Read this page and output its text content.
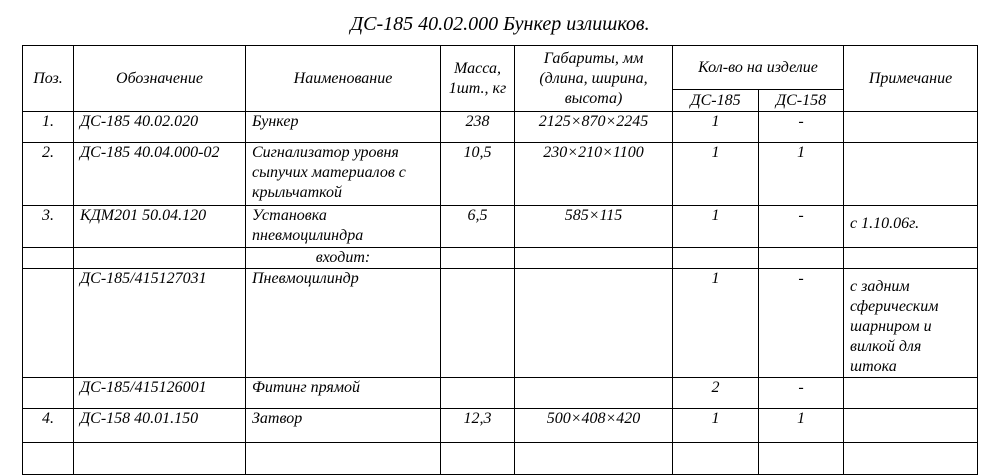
ДС-185 40.02.000 Бункер излишков.
Поз.	Обозначение	Наименование	Масса, 1шт., кг	Габариты, мм (длина, ширина, высота)	Кол-во на изделие		Примечание
					ДС-185	ДС-158	
1.	ДС-185 40.02.020	Бункер	238	2125×870×2245	1	-	
2.	ДС-185 40.04.000-02	Сигнализатор уровня сыпучих материалов с крыльчаткой	10,5	230×210×1100	1	1	
3.	КДМ201 50.04.120	Установка пневмоцилиндра	6,5	585×115	1	-	с 1.10.06г.
		входит:					
	ДС-185/415127031	Пневмоцилиндр			1	-	с задним сферическим шарниром и вилкой для штока
	ДС-185/415126001	Фитинг прямой			2	-	
4.	ДС-158 40.01.150	Затвор	12,3	500×408×420	1	1	
